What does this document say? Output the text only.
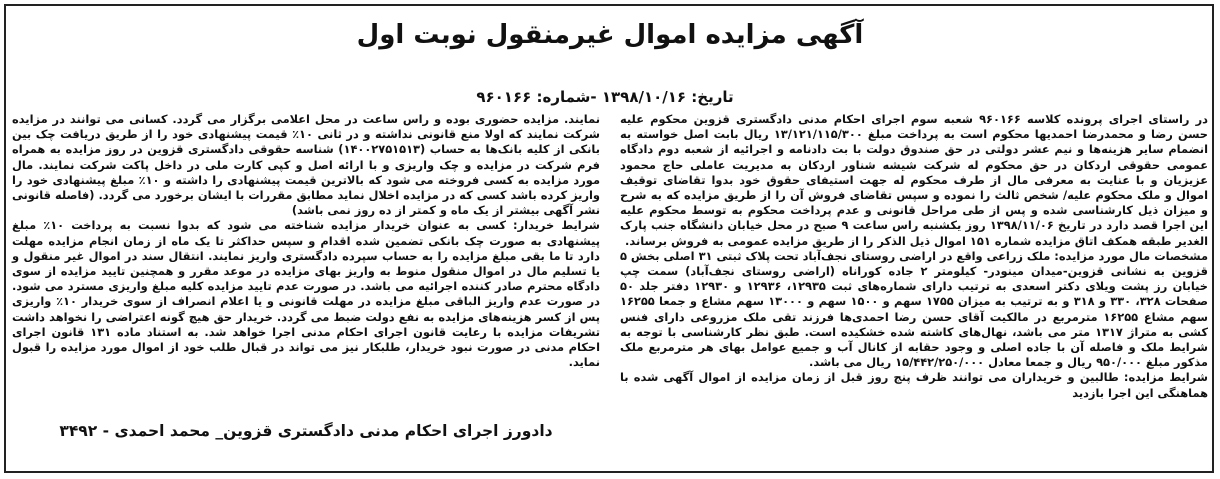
آگهی مزایده اموال غیرمنقول نوبت اول
تاریخ: ۱۳۹۸/۱۰/۱۶ -شماره: ۹۶۰۱۶۶

در راستای اجرای پرونده کلاسه ۹۶۰۱۶۶ شعبه سوم اجرای احکام مدنی دادگستری قزوین محکوم علیه حسن رضا و محمدرضا احمدیها محکوم است به پرداخت مبلغ ۱۳/۱۲۱/۱۱۵/۳۰۰ ریال بابت اصل خواسته به انضمام سایر هزینه‌ها و نیم عشر دولتی در حق صندوق دولت با بت دادنامه و اجرائیه از شعبه دوم دادگاه عمومی حقوقی اردکان در حق محکوم له شرکت شیشه شناور اردکان به مدیریت عاملی حاج محمود عزیزیان و با عنایت به معرفی مال از طرف محکوم له جهت استیفای حقوق خود بدوا تقاضای توقیف اموال و ملک محکوم علیه/ شخص ثالث را نموده و سپس تقاضای فروش آن را از طریق مزایده که به شرح و میزان ذیل کارشناسی شده و پس از طی مراحل قانونی و عدم پرداخت محکوم به توسط محکوم علیه این اجرا قصد دارد در تاریخ ۱۳۹۸/۱۱/۰۶ روز یکشنبه راس ساعت ۹ صبح در محل خیابان دانشگاه جنب پارک الغدیر طبقه همکف اتاق مزایده شماره ۱۵۱ اموال ذیل الذکر را از طریق مزایده عمومی به فروش برساند.

مشخصات مال مورد مزایده: ملک زراعی واقع در اراضی روستای نجف‌آباد تحت پلاک ثبتی ۳۱ اصلی بخش ۵ قزوین به نشانی قزوین-میدان مینودر- کیلومتر ۲ جاده کوراناه (اراضی روستای نجف‌آباد) سمت چپ خیابان رز پشت ویلای دکتر اسعدی به ترتیب دارای شماره‌های ثبت ۱۲۹۳۵، ۱۲۹۳۶ و ۱۲۹۳۰ دفتر جلد ۵۰ صفحات ۳۲۸، ۳۳۰ و ۳۱۸ و به ترتیب به میزان ۱۷۵۵ سهم و ۱۵۰۰ سهم و ۱۳۰۰۰ سهم مشاع و جمعا ۱۶۲۵۵ سهم مشاع ۱۶۲۵۵ مترمربع در مالکیت آقای حسن رضا احمدی‌ها فرزند تقی ملک مزروعی دارای فنس کشی به متراژ ۱۳۱۷ متر می باشد، نهال‌های کاشته شده خشکیده است. طبق نظر کارشناسی با توجه به شرایط ملک و فاصله آن با جاده اصلی و وجود حقابه از کانال آب و جمیع عوامل بهای هر مترمربع ملک مذکور مبلغ ۹۵۰/۰۰۰ ریال و جمعا معادل ۱۵/۴۴۲/۲۵۰/۰۰۰ ریال می باشد.

شرایط مزایده: طالبین و خریداران می توانند ظرف پنج روز قبل از زمان مزایده از اموال آگهی شده با هماهنگی این اجرا بازدید

نمایند. مزایده حضوری بوده و راس ساعت در محل اعلامی برگزار می گردد. کسانی می توانند در مزایده شرکت نمایند که اولا منع قانونی نداشته و در ثانی ۱۰٪ قیمت پیشنهادی خود را از طریق دریافت چک بین بانکی از کلیه بانک‌ها به حساب (۱۴۰۰۲۷۵۱۵۱۳) شناسه حقوقی دادگستری قزوین در روز مزایده به همراه فرم شرکت در مزایده و چک واریزی و با ارائه اصل و کپی کارت ملی در داخل پاکت شرکت نمایند. مال مورد مزایده به کسی فروخته می شود که بالاترین قیمت پیشنهادی را داشته و ۱۰٪ مبلغ پیشنهادی خود را واریز کرده باشد کسی که در مزایده اخلال نماید مطابق مقررات با ایشان برخورد می گردد. (فاصله قانونی نشر آگهی بیشتر از یک ماه و کمتر از ده روز نمی باشد)

شرایط خریدار: کسی به عنوان خریدار مزایده شناخته می شود که بدوا نسبت به پرداخت ۱۰٪ مبلغ پیشنهادی به صورت چک بانکی تضمین شده اقدام و سپس حداکثر تا یک ماه از زمان انجام مزایده مهلت دارد تا ما بقی مبلغ مزایده را به حساب سپرده دادگستری واریز نمایند. انتقال سند در اموال غیر منقول و یا تسلیم مال در اموال منقول منوط به واریز بهای مزایده در موعد مقرر و همچنین تایید مزایده از سوی دادگاه محترم صادر کننده اجرائیه می باشد. در صورت عدم تایید مزایده کلیه مبلغ واریزی مسترد می شود. در صورت عدم واریز الباقی مبلغ مزایده در مهلت قانونی و یا اعلام انصراف از سوی خریدار ۱۰٪ واریزی پس از کسر هزینه‌های مزایده به نفع دولت ضبط می گردد. خریدار حق هیچ گونه اعتراضی را نخواهد داشت تشریفات مزایده با رعایت قانون اجرای احکام مدنی اجرا خواهد شد. به استناد ماده ۱۳۱ قانون اجرای احکام مدنی در صورت نبود خریدار، طلبکار نیز می تواند در قبال طلب خود از اموال مورد مزایده را قبول نماید.

دادورز اجرای احکام مدنی دادگستری قزوین_ محمد احمدی - ۳۴۹۲
